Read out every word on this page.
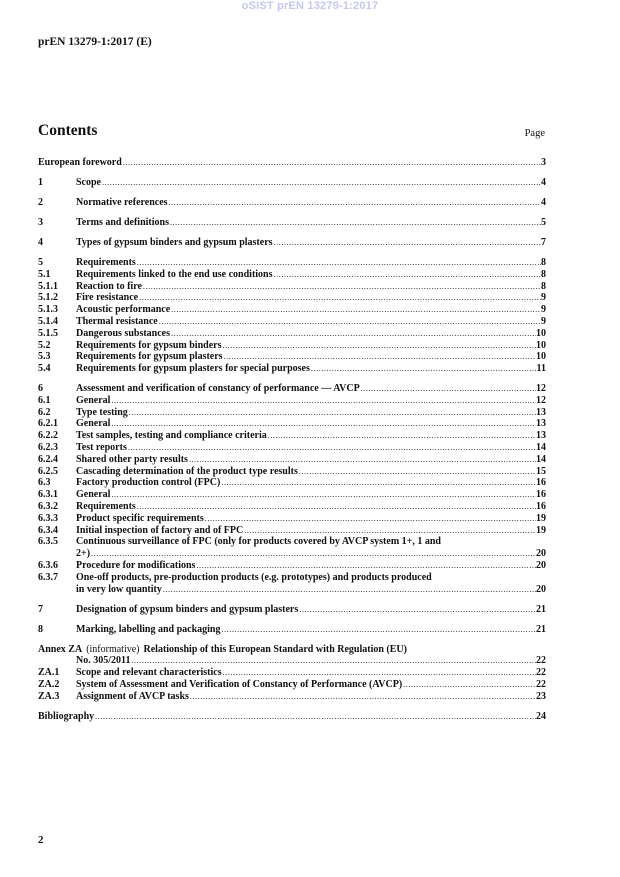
oSIST prEN 13279-1:2017
prEN 13279-1:2017 (E)
Contents	Page
European foreword .....	3
1	Scope .....	4
2	Normative references .....	4
3	Terms and definitions .....	5
4	Types of gypsum binders and gypsum plasters .....	7
5	Requirements .....	8
5.1	Requirements linked to the end use conditions .....	8
5.1.1	Reaction to fire .....	8
5.1.2	Fire resistance .....	9
5.1.3	Acoustic performance .....	9
5.1.4	Thermal resistance .....	9
5.1.5	Dangerous substances .....	10
5.2	Requirements for gypsum binders .....	10
5.3	Requirements for gypsum plasters .....	10
5.4	Requirements for gypsum plasters for special purposes .....	11
6	Assessment and verification of constancy of performance — AVCP .....	12
6.1	General .....	12
6.2	Type testing .....	13
6.2.1	General .....	13
6.2.2	Test samples, testing and compliance criteria .....	13
6.2.3	Test reports .....	14
6.2.4	Shared other party results .....	14
6.2.5	Cascading determination of the product type results .....	15
6.3	Factory production control (FPC) .....	16
6.3.1	General .....	16
6.3.2	Requirements .....	16
6.3.3	Product specific requirements .....	19
6.3.4	Initial inspection of factory and of FPC .....	19
6.3.5	Continuous surveillance of FPC (only for products covered by AVCP system 1+, 1 and
2+) .....	20
6.3.6	Procedure for modifications .....	20
6.3.7	One-off products, pre-production products (e.g. prototypes) and products produced
in very low quantity .....	20
7	Designation of gypsum binders and gypsum plasters .....	21
8	Marking, labelling and packaging .....	21
Annex ZA (informative) Relationship of this European Standard with Regulation (EU)
No. 305/2011 .....	22
ZA.1	Scope and relevant characteristics .....	22
ZA.2	System of Assessment and Verification of Constancy of Performance (AVCP) .....	22
ZA.3	Assignment of AVCP tasks .....	23
Bibliography .....	24
2
